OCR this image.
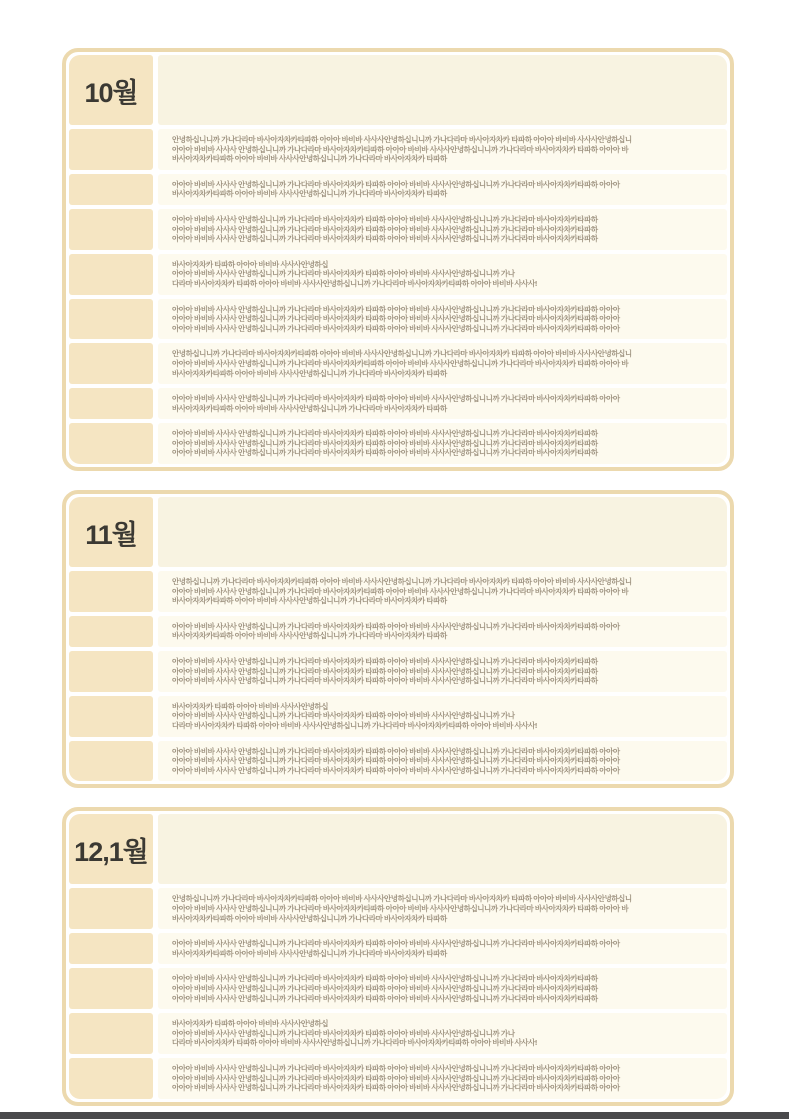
10월

안녕하십니니까 가나다라마 바사아자차카타파하 아아아 바비바 사사사안녕하십니니까 가나다라마 바사아자차카 타파하 아아아 바비바 사사사안녕하십니

아아아 바비바 사사사 안녕하십니니까 가나다라마 바사아자차카타파하 아아아 바비바 사사사안녕하십니니까 가나다라마 바사아자차카 타파하 아아아 바

바사아자차카타파하 아아아 바비바 사사사안녕하십니니까 가나다라마 바사아자차카 타파하

아아아 바비바 사사사 안녕하십니니까 가나다라마 바사아자차카 타파하 아아아 바비바 사사사안녕하십니니까 가나다라마 바사아자차카타파하 아아아

바사아자차카타파하 아아아 바비바 사사사안녕하십니니까 가나다라마 바사아자차카 타파하

아아아 바비바 사사사 안녕하십니니까 가나다라마 바사아자차카 타파하 아아아 바비바 사사사안녕하십니니까 가나다라마 바사아자차카타파하

아아아 바비바 사사사 안녕하십니니까 가나다라마 바사아자차카 타파하 아아아 바비바 사사사안녕하십니니까 가나다라마 바사아자차카타파하

아아아 바비바 사사사 안녕하십니니까 가나다라마 바사아자차카 타파하 아아아 바비바 사사사안녕하십니니까 가나다라마 바사아자차카타파하

바사아자차카 타파하 아아아 바비바 사사사안녕하십

아아아 바비바 사사사 안녕하십니니까 가나다라마 바사아자차카 타파하 아아아 바비바 사사사안녕하십니니까 가나

다라마 바사아자차카 타파하 아아아 바비바 사사사안녕하십니니까 가나다라마 바사아자차카타파하 아아아 바비바 사사사!

아아아 바비바 사사사 안녕하십니니까 가나다라마 바사아자차카 타파하 아아아 바비바 사사사안녕하십니니까 가나다라마 바사아자차카타파하 아아아

아아아 바비바 사사사 안녕하십니니까 가나다라마 바사아자차카 타파하 아아아 바비바 사사사안녕하십니니까 가나다라마 바사아자차카타파하 아아아

아아아 바비바 사사사 안녕하십니니까 가나다라마 바사아자차카 타파하 아아아 바비바 사사사안녕하십니니까 가나다라마 바사아자차카타파하 아아아

안녕하십니니까 가나다라마 바사아자차카타파하 아아아 바비바 사사사안녕하십니니까 가나다라마 바사아자차카 타파하 아아아 바비바 사사사안녕하십니

아아아 바비바 사사사 안녕하십니니까 가나다라마 바사아자차카타파하 아아아 바비바 사사사안녕하십니니까 가나다라마 바사아자차카 타파하 아아아 바

바사아자차카타파하 아아아 바비바 사사사안녕하십니니까 가나다라마 바사아자차카 타파하

아아아 바비바 사사사 안녕하십니니까 가나다라마 바사아자차카 타파하 아아아 바비바 사사사안녕하십니니까 가나다라마 바사아자차카타파하 아아아

바사아자차카타파하 아아아 바비바 사사사안녕하십니니까 가나다라마 바사아자차카 타파하

아아아 바비바 사사사 안녕하십니니까 가나다라마 바사아자차카 타파하 아아아 바비바 사사사안녕하십니니까 가나다라마 바사아자차카타파하

아아아 바비바 사사사 안녕하십니니까 가나다라마 바사아자차카 타파하 아아아 바비바 사사사안녕하십니니까 가나다라마 바사아자차카타파하

아아아 바비바 사사사 안녕하십니니까 가나다라마 바사아자차카 타파하 아아아 바비바 사사사안녕하십니니까 가나다라마 바사아자차카타파하

11월

안녕하십니니까 가나다라마 바사아자차카타파하 아아아 바비바 사사사안녕하십니니까 가나다라마 바사아자차카 타파하 아아아 바비바 사사사안녕하십니

아아아 바비바 사사사 안녕하십니니까 가나다라마 바사아자차카타파하 아아아 바비바 사사사안녕하십니니까 가나다라마 바사아자차카 타파하 아아아 바

바사아자차카타파하 아아아 바비바 사사사안녕하십니니까 가나다라마 바사아자차카 타파하

아아아 바비바 사사사 안녕하십니니까 가나다라마 바사아자차카 타파하 아아아 바비바 사사사안녕하십니니까 가나다라마 바사아자차카타파하 아아아

바사아자차카타파하 아아아 바비바 사사사안녕하십니니까 가나다라마 바사아자차카 타파하

아아아 바비바 사사사 안녕하십니니까 가나다라마 바사아자차카 타파하 아아아 바비바 사사사안녕하십니니까 가나다라마 바사아자차카타파하

아아아 바비바 사사사 안녕하십니니까 가나다라마 바사아자차카 타파하 아아아 바비바 사사사안녕하십니니까 가나다라마 바사아자차카타파하

아아아 바비바 사사사 안녕하십니니까 가나다라마 바사아자차카 타파하 아아아 바비바 사사사안녕하십니니까 가나다라마 바사아자차카타파하

바사아자차카 타파하 아아아 바비바 사사사안녕하십

아아아 바비바 사사사 안녕하십니니까 가나다라마 바사아자차카 타파하 아아아 바비바 사사사안녕하십니니까 가나

다라마 바사아자차카 타파하 아아아 바비바 사사사안녕하십니니까 가나다라마 바사아자차카타파하 아아아 바비바 사사사!

아아아 바비바 사사사 안녕하십니니까 가나다라마 바사아자차카 타파하 아아아 바비바 사사사안녕하십니니까 가나다라마 바사아자차카타파하 아아아

아아아 바비바 사사사 안녕하십니니까 가나다라마 바사아자차카 타파하 아아아 바비바 사사사안녕하십니니까 가나다라마 바사아자차카타파하 아아아

아아아 바비바 사사사 안녕하십니니까 가나다라마 바사아자차카 타파하 아아아 바비바 사사사안녕하십니니까 가나다라마 바사아자차카타파하 아아아

12,1월

안녕하십니니까 가나다라마 바사아자차카타파하 아아아 바비바 사사사안녕하십니니까 가나다라마 바사아자차카 타파하 아아아 바비바 사사사안녕하십니

아아아 바비바 사사사 안녕하십니니까 가나다라마 바사아자차카타파하 아아아 바비바 사사사안녕하십니니까 가나다라마 바사아자차카 타파하 아아아 바

바사아자차카타파하 아아아 바비바 사사사안녕하십니니까 가나다라마 바사아자차카 타파하

아아아 바비바 사사사 안녕하십니니까 가나다라마 바사아자차카 타파하 아아아 바비바 사사사안녕하십니니까 가나다라마 바사아자차카타파하 아아아

바사아자차카타파하 아아아 바비바 사사사안녕하십니니까 가나다라마 바사아자차카 타파하

아아아 바비바 사사사 안녕하십니니까 가나다라마 바사아자차카 타파하 아아아 바비바 사사사안녕하십니니까 가나다라마 바사아자차카타파하

아아아 바비바 사사사 안녕하십니니까 가나다라마 바사아자차카 타파하 아아아 바비바 사사사안녕하십니니까 가나다라마 바사아자차카타파하

아아아 바비바 사사사 안녕하십니니까 가나다라마 바사아자차카 타파하 아아아 바비바 사사사안녕하십니니까 가나다라마 바사아자차카타파하

바사아자차카 타파하 아아아 바비바 사사사안녕하십

아아아 바비바 사사사 안녕하십니니까 가나다라마 바사아자차카 타파하 아아아 바비바 사사사안녕하십니니까 가나

다라마 바사아자차카 타파하 아아아 바비바 사사사안녕하십니니까 가나다라마 바사아자차카타파하 아아아 바비바 사사사!

아아아 바비바 사사사 안녕하십니니까 가나다라마 바사아자차카 타파하 아아아 바비바 사사사안녕하십니니까 가나다라마 바사아자차카타파하 아아아

아아아 바비바 사사사 안녕하십니니까 가나다라마 바사아자차카 타파하 아아아 바비바 사사사안녕하십니니까 가나다라마 바사아자차카타파하 아아아

아아아 바비바 사사사 안녕하십니니까 가나다라마 바사아자차카 타파하 아아아 바비바 사사사안녕하십니니까 가나다라마 바사아자차카타파하 아아아
